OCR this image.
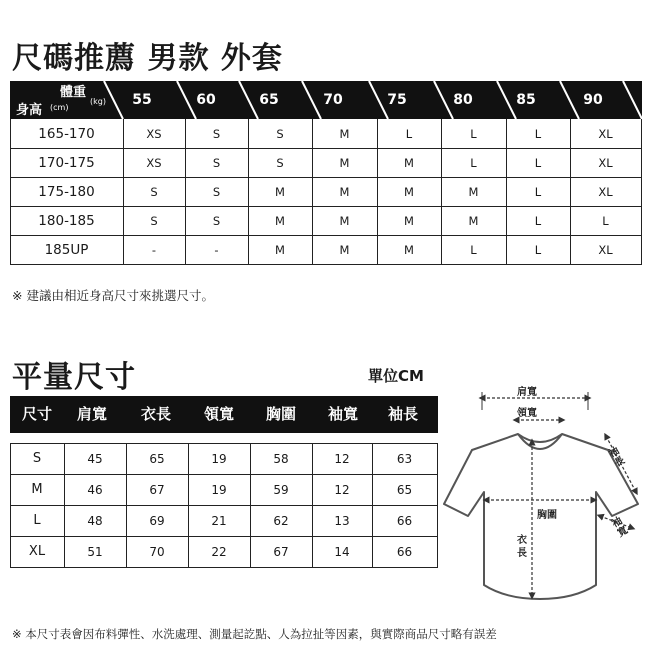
尺碼推薦 男款 外套
體重
(kg)
身高 (cm)	55	60	65	70	75	80	85	90
165-170	XS	S	S	M	L	L	L	XL
170-175	XS	S	S	M	M	L	L	XL
175-180	S	S	M	M	M	M	L	XL
180-185	S	S	M	M	M	M	L	L
185UP	-	-	M	M	M	L	L	XL
※ 建議由相近身高尺寸來挑選尺寸。
平量尺寸	單位CM
尺寸	肩寬	衣長	領寬	胸圍	袖寬	袖長
S	45	65	19	58	12	63
M	46	67	19	59	12	65
L	48	69	21	62	13	66
XL	51	70	22	67	14	66
肩寬
領寬
袖長
胸圍
衣長
袖寬
※ 本尺寸表會因布料彈性、水洗處理、測量起訖點、人為拉扯等因素，與實際商品尺寸略有誤差
